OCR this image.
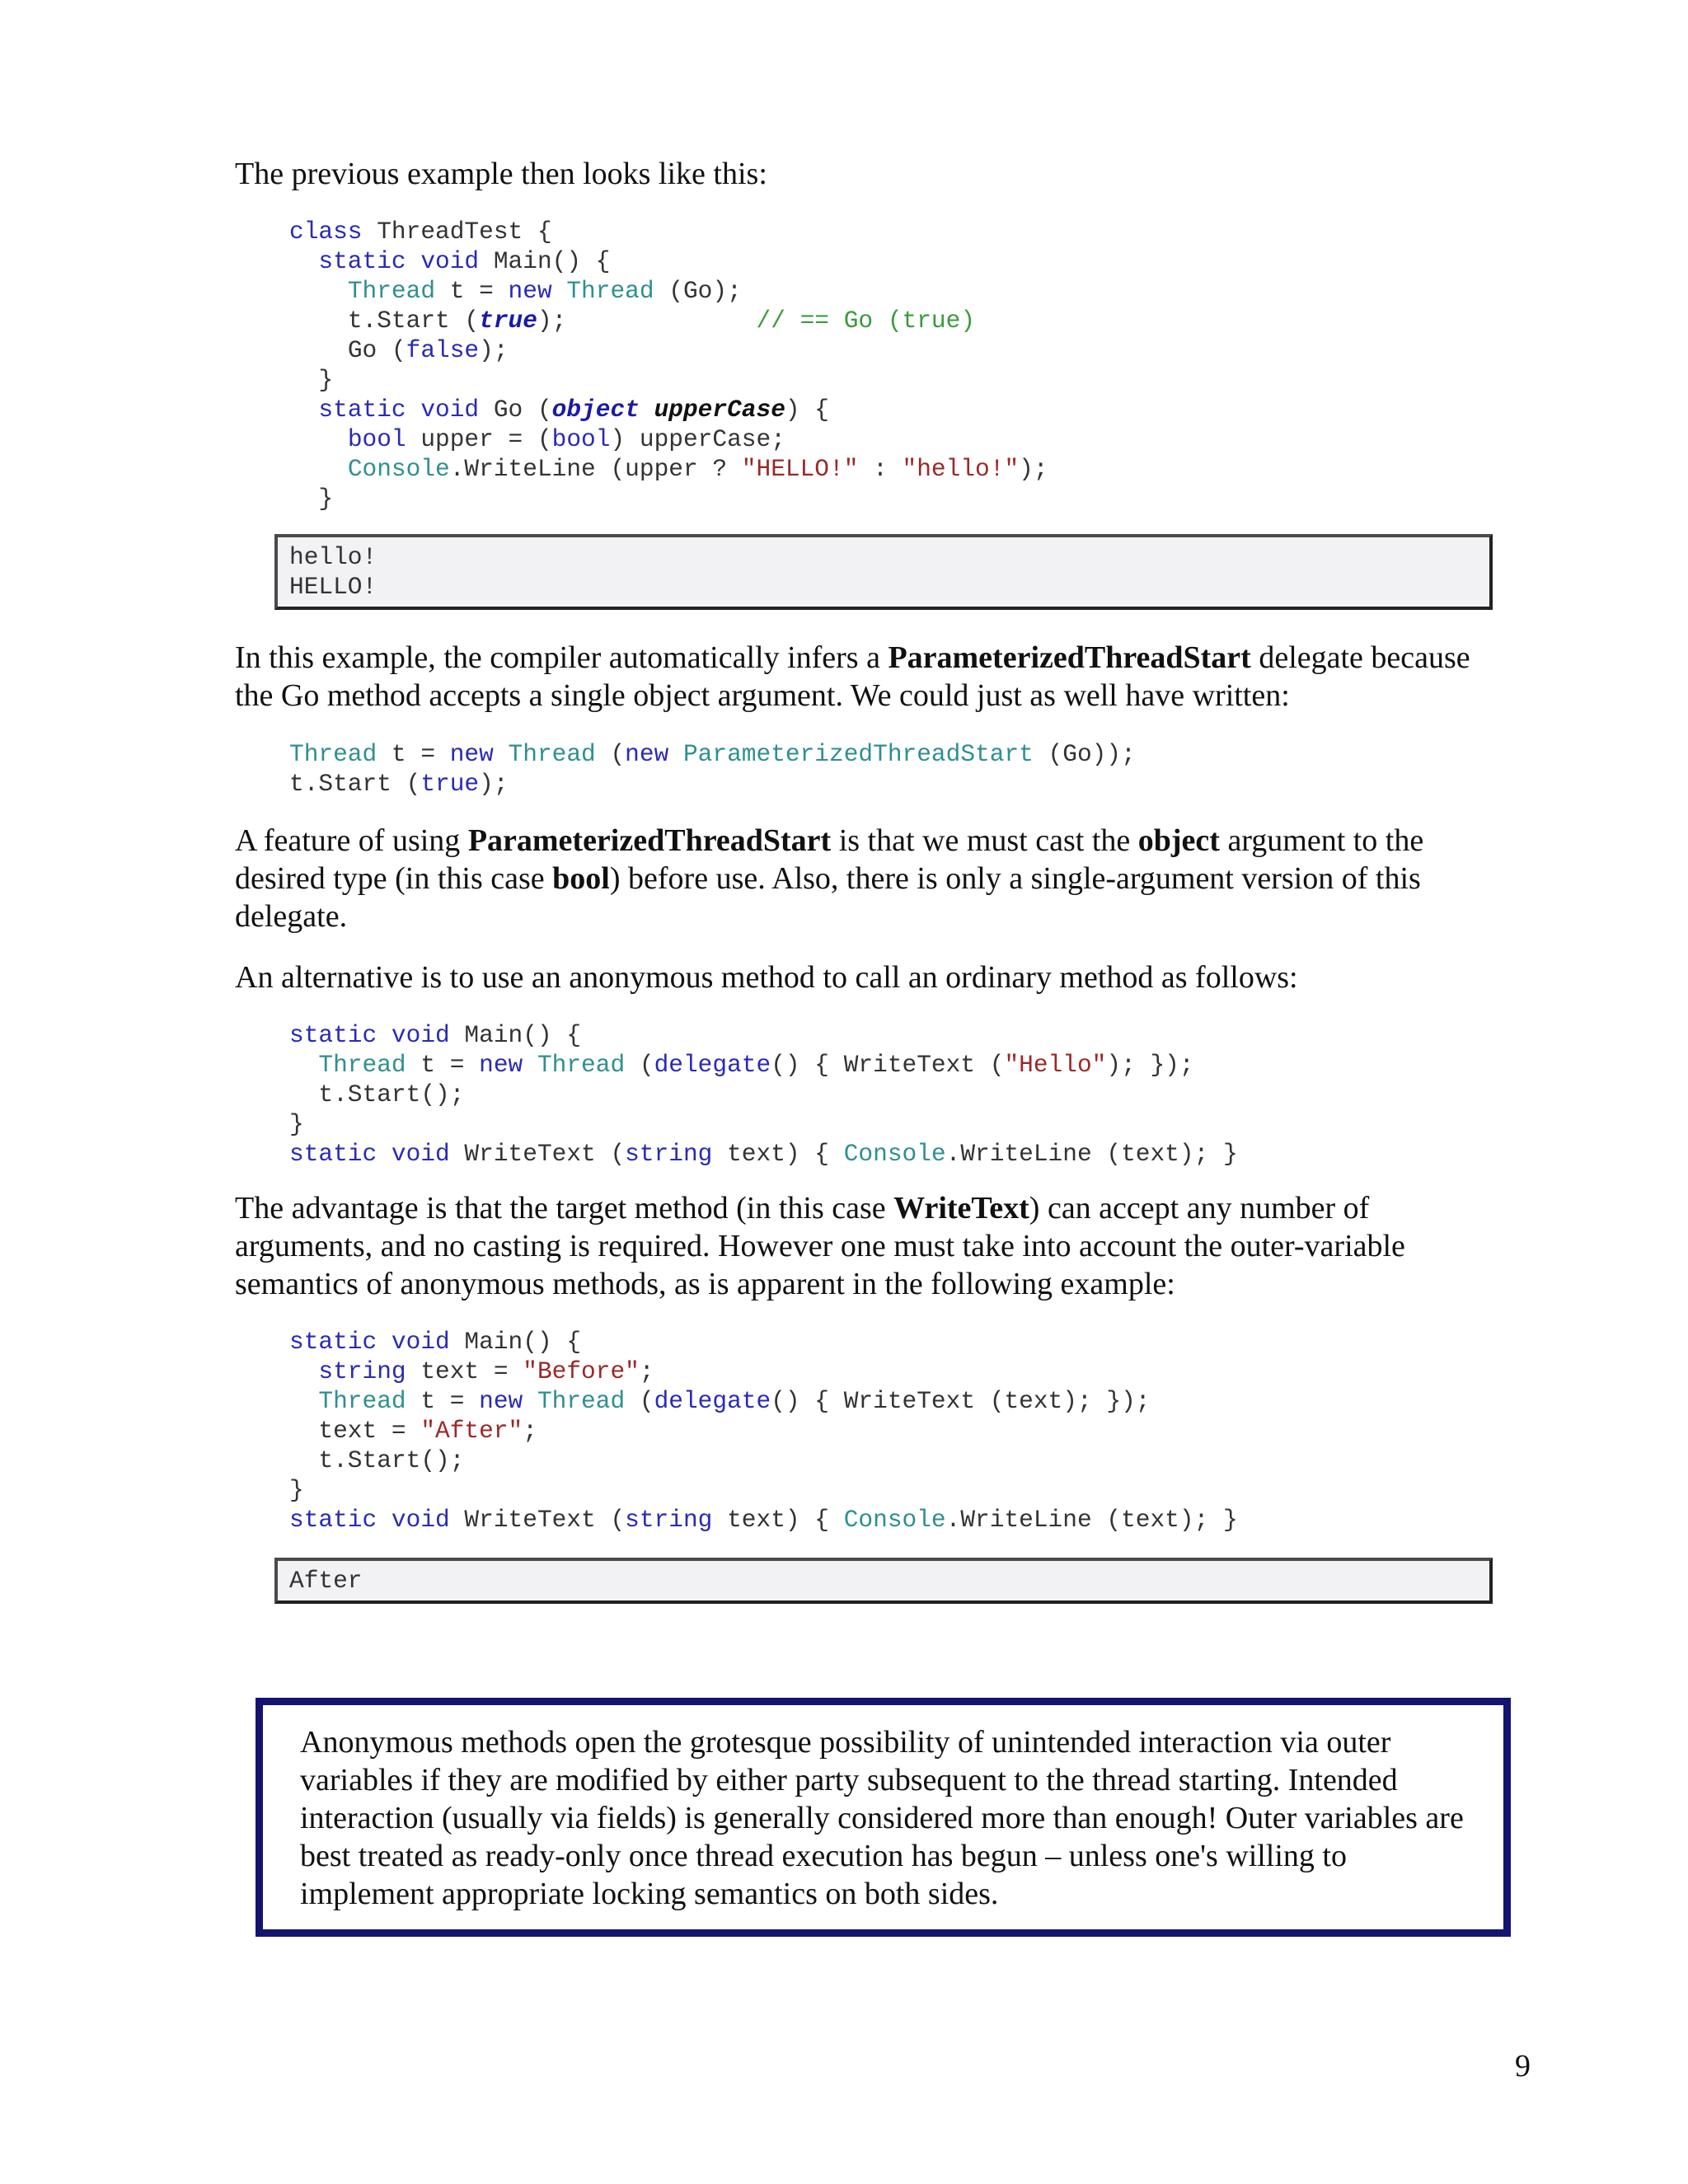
The previous example then looks like this:

class ThreadTest {
static void Main() {
Thread t = new Thread (Go);
t.Start (true);	// == Go (true)
Go (false);
}
static void Go (object upperCase) {
bool upper = (bool) upperCase;
Console.WriteLine (upper ? "HELLO!" : "hello!");
}
hello!
HELLO!

In this example, the compiler automatically infers a ParameterizedThreadStart delegate because the Go method accepts a single object argument. We could just as well have written:

Thread t = new Thread (new ParameterizedThreadStart (Go));
t.Start (true);

A feature of using ParameterizedThreadStart is that we must cast the object argument to the desired type (in this case bool) before use. Also, there is only a single-argument version of this delegate.

An alternative is to use an anonymous method to call an ordinary method as follows:

static void Main() {
Thread t = new Thread (delegate() { WriteText ("Hello"); });
t.Start();
}
static void WriteText (string text) { Console.WriteLine (text); }

The advantage is that the target method (in this case WriteText) can accept any number of arguments, and no casting is required. However one must take into account the outer-variable semantics of anonymous methods, as is apparent in the following example:

static void Main() {
string text = "Before";
Thread t = new Thread (delegate() { WriteText (text); });
text = "After";
t.Start();
}
static void WriteText (string text) { Console.WriteLine (text); }
After

Anonymous methods open the grotesque possibility of unintended interaction via outer variables if they are modified by either party subsequent to the thread starting. Intended interaction (usually via fields) is generally considered more than enough! Outer variables are best treated as ready-only once thread execution has begun – unless one's willing to implement appropriate locking semantics on both sides.

9
